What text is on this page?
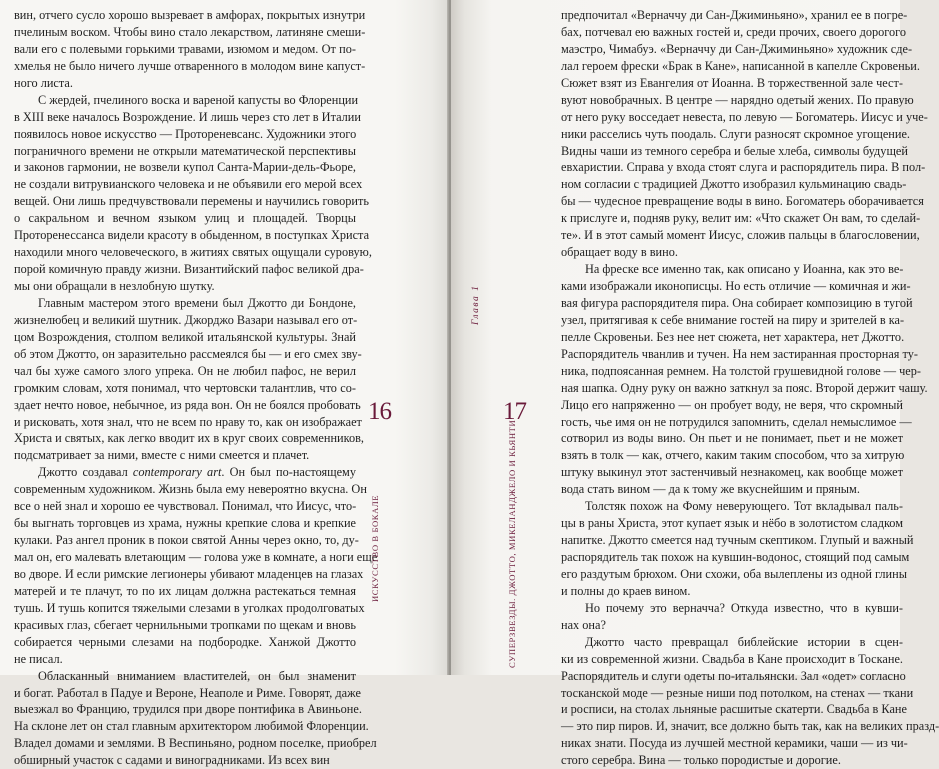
вин, отчего сусло хорошо вызревает в амфорах, покрытых изнутри
пчелиным воском. Чтобы вино стало лекарством, латиняне смеши-
вали его с полевыми горькими травами, изюмом и медом. От по-
хмелья не было ничего лучше отваренного в молодом вине капуст-
ного листа.
С жердей, пчелиного воска и вареной капусты во Флоренции
в XIII веке началось Возрождение. И лишь через сто лет в Италии
появилось новое искусство — Протореневсанс. Художники этого
пограничного времени не открыли математической перспективы
и законов гармонии, не возвели купол Санта-Марии-дель-Фьоре,
не создали витрувианского человека и не объявили его мерой всех
вещей. Они лишь предчувствовали перемены и научились говорить
о сакральном и вечном языком улиц и площадей. Творцы
Проторенессанса видели красоту в обыденном, в поступках Христа
находили много человеческого, в житиях святых ощущали суровую,
порой комичную правду жизни. Византийский пафос великой дра-
мы они обращали в незлобную шутку.
Главным мастером этого времени был Джотто ди Бондоне,
жизнелюбец и великий шутник. Джорджо Вазари называл его от-
цом Возрождения, столпом великой итальянской культуры. Знай
об этом Джотто, он заразительно рассмеялся бы — и его смех зву-
чал бы хуже самого злого упрека. Он не любил пафос, не верил
громким словам, хотя понимал, что чертовски талантлив, что со-
здает нечто новое, небычное, из ряда вон. Он не боялся пробовать
и рисковать, хотя знал, что не всем по нраву то, как он изображает
Христа и святых, как легко вводит их в круг своих современников,
подсматривает за ними, вместе с ними смеется и плачет.
Джотто создавал contemporary art. Он был по-настоящему
современным художником. Жизнь была ему невероятно вкусна. Он
все о ней знал и хорошо ее чувствовал. Понимал, что Иисус, что-
бы выгнать торговцев из храма, нужны крепкие слова и крепкие
кулаки. Раз ангел проник в покои святой Анны через окно, то, ду-
мал он, его малевать влетающим — голова уже в комнате, а ноги еще
во дворе. И если римские легионеры убивают младенцев на глазах
матерей и те плачут, то по их лицам должна растекаться темная
тушь. И тушь копится тяжелыми слезами в уголках продолговатых
красивых глаз, сбегает чернильными тропками по щекам и вновь
собирается черными слезами на подбородке. Ханжой Джотто
не писал.
Обласканный вниманием властителей, он был знаменит
и богат. Работал в Падуе и Вероне, Неаполе и Риме. Говорят, даже
выезжал во Францию, трудился при дворе понтифика в Авиньоне.
На склоне лет он стал главным архитектором любимой Флоренции.
Владел домами и землями. В Веспиньяно, родном поселке, приобрел
обширный участок с садами и виноградниками. Из всех вин
16
ИСКУССТВО В БОКАЛЕ
Глава 1
17
СУПЕРЗВЕЗДЫ. ДЖОТТО, МИКЕЛАНДЖЕЛО И КЬЯНТИ
предпочитал «Верначчу ди Сан-Джиминьяно», хранил ее в погре-
бах, потчевал ею важных гостей и, среди прочих, своего дорогого
маэстро, Чимабуэ. «Верначчу ди Сан-Джиминьяно» художник сде-
лал героем фрески «Брак в Кане», написанной в капелле Скровеньи.
Сюжет взят из Евангелия от Иоанна. В торжественной зале чест-
вуют новобрачных. В центре — нарядно одетый жених. По правую
от него руку восседает невеста, по левую — Богоматерь. Иисус и уче-
ники расселись чуть поодаль. Слуги разносят скромное угощение.
Видны чаши из темного серебра и белые хлеба, символы будущей
евхаристии. Справа у входа стоят слуга и распорядитель пира. В пол-
ном согласии с традицией Джотто изобразил кульминацию свадь-
бы — чудесное превращение воды в вино. Богоматерь оборачивается
к прислуге и, подняв руку, велит им: «Что скажет Он вам, то сделай-
те». И в этот самый момент Иисус, сложив пальцы в благословении,
обращает воду в вино.
На фреске все именно так, как описано у Иоанна, как это ве-
ками изображали иконописцы. Но есть отличие — комичная и жи-
вая фигура распорядителя пира. Она собирает композицию в тугой
узел, притягивая к себе внимание гостей на пиру и зрителей в ка-
пелле Скровеньи. Без нее нет сюжета, нет характера, нет Джотто.
Распорядитель чванлив и тучен. На нем застиранная просторная ту-
ника, подпоясанная ремнем. На толстой грушевидной голове — чер-
ная шапка. Одну руку он важно заткнул за пояс. Второй держит чашу.
Лицо его напряженно — он пробует воду, не веря, что скромный
гость, чье имя он не потрудился запомнить, сделал немыслимое —
сотворил из воды вино. Он пьет и не понимает, пьет и не может
взять в толк — как, отчего, каким таким способом, что за хитрую
штуку выкинул этот застенчивый незнакомец, как вообще может
вода стать вином — да к тому же вкуснейшим и пряным.
Толстяк похож на Фому неверующего. Тот вкладывал паль-
цы в раны Христа, этот купает язык и нёбо в золотистом сладком
напитке. Джотто смеется над тучным скептиком. Глупый и важный
распорядитель так похож на кувшин-водонос, стоящий под самым
его раздутым брюхом. Они схожи, оба вылеплены из одной глины
и полны до краев вином.
Но почему это верначча? Откуда известно, что в кувши-
нах она?
Джотто часто превращал библейские истории в сцен-
ки из современной жизни. Свадьба в Кане происходит в Тоскане.
Распорядитель и слуги одеты по-итальянски. Зал «одет» согласно
тосканской моде — резные ниши под потолком, на стенах — ткани
и росписи, на столах льняные расшитые скатерти. Свадьба в Кане
— это пир пиров. И, значит, все должно быть так, как на великих празд-
никах знати. Посуда из лучшей местной керамики, чаши — из чи-
стого серебра. Вина — только породистые и дорогие.
